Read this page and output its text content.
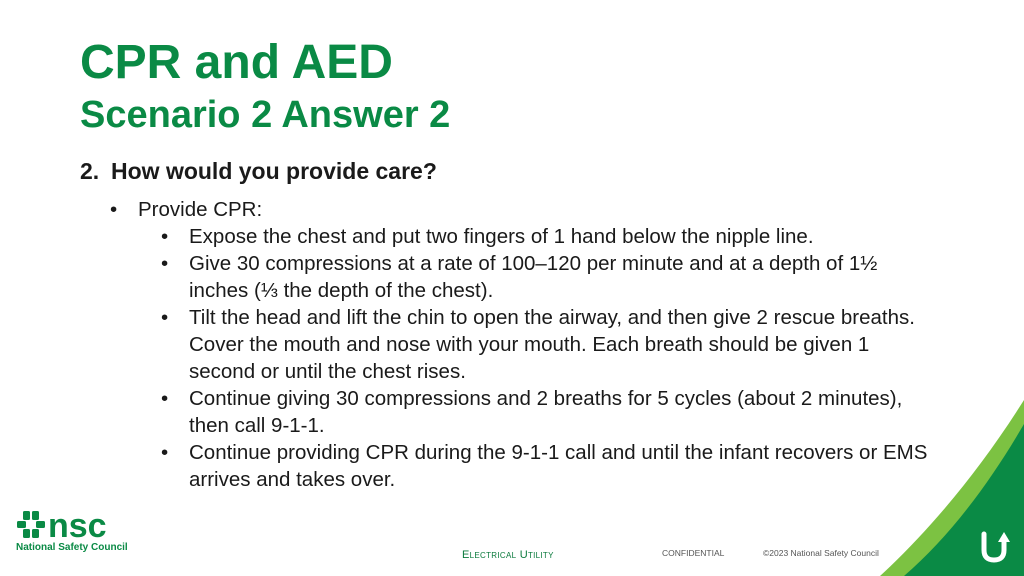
CPR and AED
Scenario 2 Answer 2
2. How would you provide care?
• Provide CPR:
• Expose the chest and put two fingers of 1 hand below the nipple line.
• Give 30 compressions at a rate of 100–120 per minute and at a depth of 1½ inches (⅓ the depth of the chest).
• Tilt the head and lift the chin to open the airway, and then give 2 rescue breaths. Cover the mouth and nose with your mouth. Each breath should be given 1 second or until the chest rises.
• Continue giving 30 compressions and 2 breaths for 5 cycles (about 2 minutes), then call 9-1-1.
• Continue providing CPR during the 9-1-1 call and until the infant recovers or EMS arrives and takes over.
nsc
National Safety Council
Electrical Utility	CONFIDENTIAL	©2023 National Safety Council
